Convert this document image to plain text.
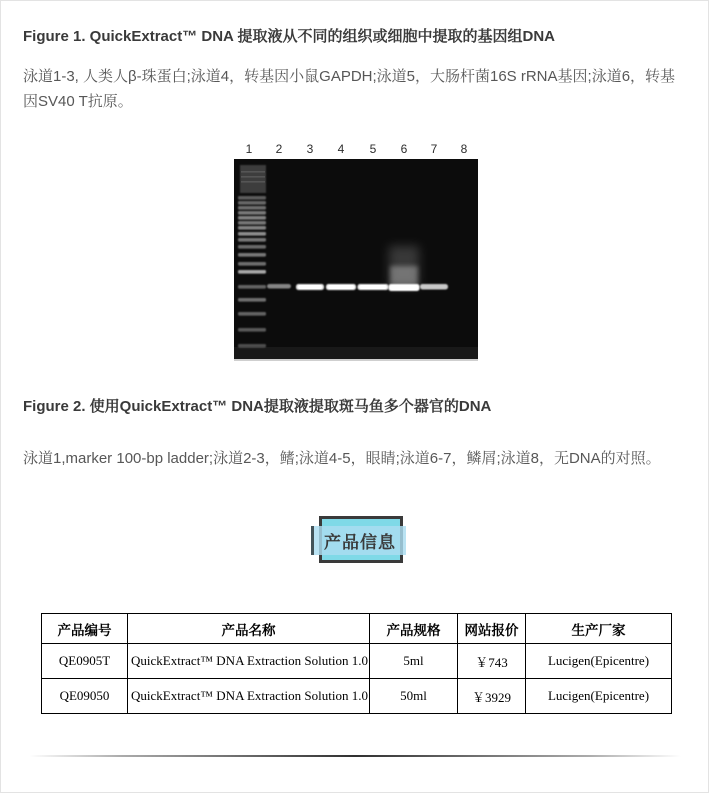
Figure 1. QuickExtract™ DNA 提取液从不同的组织或细胞中提取的基因组DNA

泳道1-3, 人类人β-珠蛋白;泳道4，转基因小鼠GAPDH;泳道5，大肠杆菌16S rRNA基因;泳道6，转基因SV40 T抗原。

1 2 3 4 5 6 7 8
Figure 2. 使用QuickExtract™ DNA提取液提取斑马鱼多个器官的DNA

泳道1,marker 100-bp ladder;泳道2-3，鳍;泳道4-5，眼睛;泳道6-7，鳞屑;泳道8，无DNA的对照。

产品信息
产品编号	产品名称	产品规格	网站报价	生产厂家
QE0905T	QuickExtract™ DNA Extraction Solution 1.0	5ml	￥743	Lucigen(Epicentre)
QE09050	QuickExtract™ DNA Extraction Solution 1.0	50ml	￥3929	Lucigen(Epicentre)
